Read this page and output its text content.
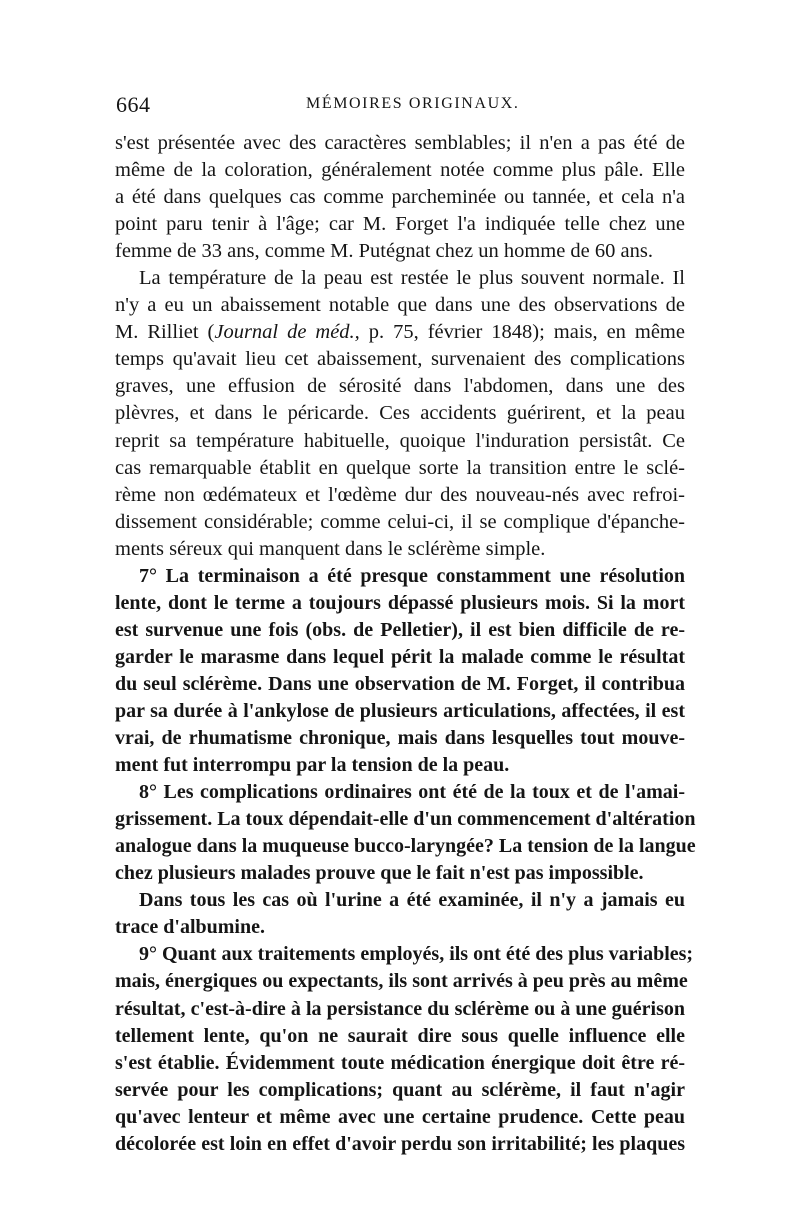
664	MÉMOIRES ORIGINAUX.
s'est présentée avec des caractères semblables; il n'en a pas été de
même de la coloration, généralement notée comme plus pâle. Elle
a été dans quelques cas comme parcheminée ou tannée, et cela n'a
point paru tenir à l'âge; car M. Forget l'a indiquée telle chez une
femme de 33 ans, comme M. Putégnat chez un homme de 60 ans.
La température de la peau est restée le plus souvent normale. Il
n'y a eu un abaissement notable que dans une des observations de
M. Rilliet (Journal de méd., p. 75, février 1848); mais, en même
temps qu'avait lieu cet abaissement, survenaient des complications
graves, une effusion de sérosité dans l'abdomen, dans une des
plèvres, et dans le péricarde. Ces accidents guérirent, et la peau
reprit sa température habituelle, quoique l'induration persistât. Ce
cas remarquable établit en quelque sorte la transition entre le sclé-
rème non œdémateux et l'œdème dur des nouveau-nés avec refroi-
dissement considérable; comme celui-ci, il se complique d'épanche-
ments séreux qui manquent dans le sclérème simple.
7° La terminaison a été presque constamment une résolution
lente, dont le terme a toujours dépassé plusieurs mois. Si la mort
est survenue une fois (obs. de Pelletier), il est bien difficile de re-
garder le marasme dans lequel périt la malade comme le résultat
du seul sclérème. Dans une observation de M. Forget, il contribua
par sa durée à l'ankylose de plusieurs articulations, affectées, il est
vrai, de rhumatisme chronique, mais dans lesquelles tout mouve-
ment fut interrompu par la tension de la peau.
8° Les complications ordinaires ont été de la toux et de l'amai-
grissement. La toux dépendait-elle d'un commencement d'altération
analogue dans la muqueuse bucco-laryngée? La tension de la langue
chez plusieurs malades prouve que le fait n'est pas impossible.
Dans tous les cas où l'urine a été examinée, il n'y a jamais eu
trace d'albumine.
9° Quant aux traitements employés, ils ont été des plus variables;
mais, énergiques ou expectants, ils sont arrivés à peu près au même
résultat, c'est-à-dire à la persistance du sclérème ou à une guérison
tellement lente, qu'on ne saurait dire sous quelle influence elle
s'est établie. Évidemment toute médication énergique doit être ré-
servée pour les complications; quant au sclérème, il faut n'agir
qu'avec lenteur et même avec une certaine prudence. Cette peau
décolorée est loin en effet d'avoir perdu son irritabilité; les plaques
